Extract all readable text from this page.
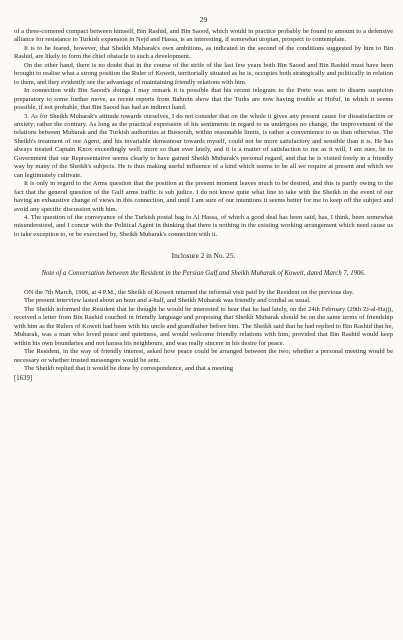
29

of a three-cornered compact between himself, Bin Rashid, and Bin Saood, which would in practice probably be found to amount to a defensive alliance for resistance to Turkish expansion in Nejd and Hassa, is an interesting, if somewhat utopian, prospect to contemplate.

It is to be feared, however, that Sheikh Mubarak's own ambitions, as indicated in the second of the conditions suggested by him to Bin Rashid, are likely to form the chief obstacle to such a development.

On the other hand, there is no doubt that in the course of the strife of the last few years both Bin Saood and Bin Rashid must have been brought to realise what a strong position the Ruler of Koweit, territorially situated as he is, occupies both strategically and politically in relation to them, and they evidently see the advantage of maintaining friendly relations with him.

In connection with Bin Saood's doings I may remark it is possible that his recent telegram to the Porte was sent to disarm suspicion preparatory to some further move, as recent reports from Bahrein show that the Turks are now having trouble at Hofuf, in which it seems possible, if not probable, that Bin Saood has had an indirect hand.

3. As for Sheikh Mubarak's attitude towards ourselves, I do not consider that on the whole it gives any present cause for dissatisfaction or anxiety; rather the contrary. As long as the practical expression of his sentiments in regard to us undergoes no change, the improvement of the relations between Mubarak and the Turkish authorities at Bussorah, within reasonable limits, is rather a convenience to us than otherwise. The Sheikh's treatment of our Agent, and his invariable demeanour towards myself, could not be more satisfactory and sensible than it is. He has always treated Captain Knox exceedingly well; more so than ever lately, and it is a matter of satisfaction to me as it will, I am sure, be to Government that our Representative seems clearly to have gained Sheikh Mubarak's personal regard, and that he is visited freely in a friendly way by many of the Sheikh's subjects. He is thus making useful influence of a kind which seems to be all we require at present and which we can legitimately cultivate.

It is only in regard to the Arms question that the position at the present moment leaves much to be desired, and this is partly owing to the fact that the general question of the Gulf arms traffic is sub judice. I do not know quite what line to take with the Sheikh in the event of our having an exhaustive change of views in this connection, and until I am sure of our intentions it seems better for me to keep off the subject and avoid any specific discussion with him.

4. The question of the conveyance of the Turkish postal bag to Al Hassa, of which a good deal has been said, has, I think, been somewhat misunderstood, and I concur with the Political Agent in thinking that there is nothing in the existing working arrangement which need cause us to take exception to, or be exercised by, Sheikh Mubarak's connection with it.

Inclosure 2 in No. 25.
Note of a Conversation between the Resident in the Persian Gulf and Sheikh Mubarak of Koweit, dated March 7, 1906.

ON the 7th March, 1906, at 4 P.M., the Sheikh of Koweit returned the informal visit paid by the Resident on the previous day.

The present interview lasted about an hour and a-half, and Sheikh Mubarak was friendly and cordial as usual.

The Sheikh informed the Resident that he thought he would be interested to hear that he had lately, on the 24th February (29th Zi-al-Hajj), received a letter from Bin Rashid couched in friendly language and proposing that Sheikh Mubarak should be on the same terms of friendship with him as the Rulers of Koweit had been with his uncle and grandfather before him. The Sheikh said that he had replied to Bin Rashid that he, Mubarak, was a man who loved peace and quietness, and would welcome friendly relations with him, provided that Bin Rashid would keep within his own boundaries and not harass his neighbours, and was really sincere in his desire for peace.

The Resident, in the way of friendly interest, asked how peace could be arranged between the two; whether a personal meeting would be necessary or whether trusted messengers would be sent.

The Sheikh replied that it would be done by correspondence, and that a meeting

[1639]
